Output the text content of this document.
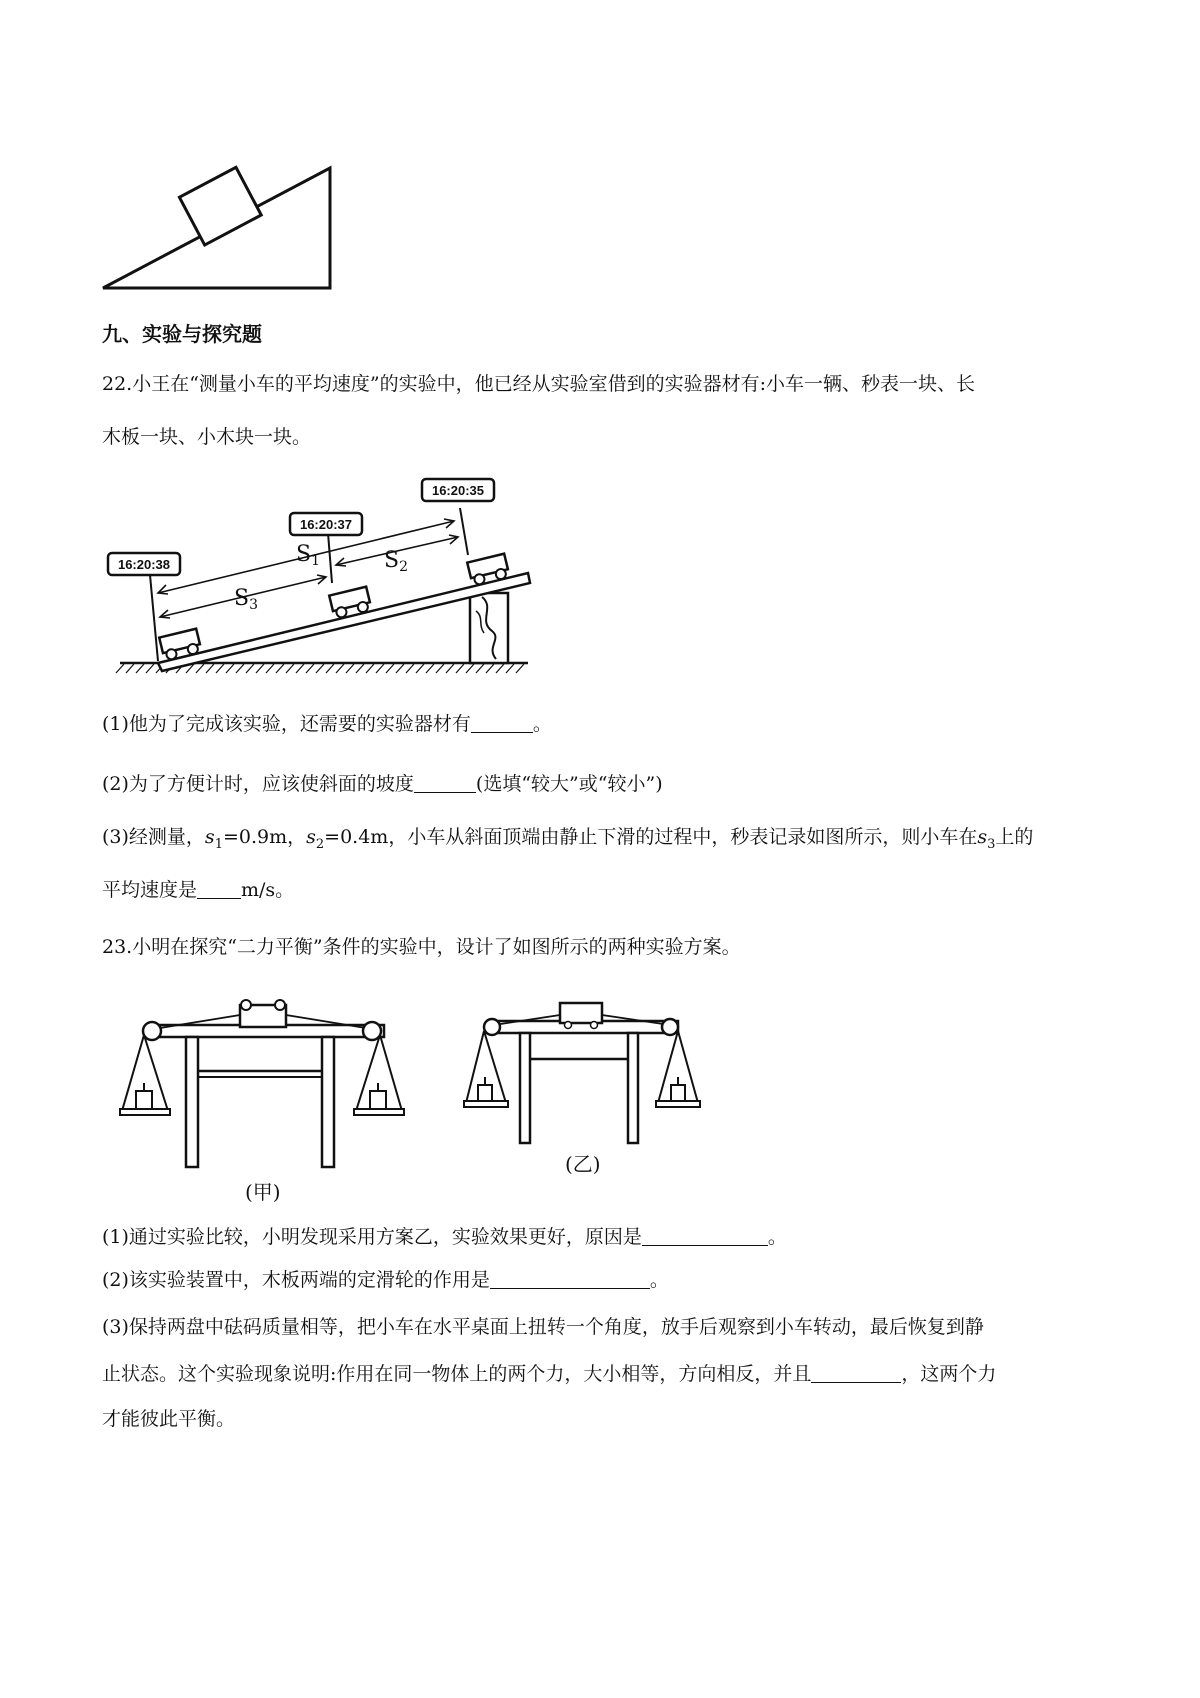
九、实验与探究题
22.小王在“测量小车的平均速度”的实验中，他已经从实验室借到的实验器材有:小车一辆、秒表一块、长
木板一块、小木块一块。
S1	S2
S3
16:20:38
16:20:37
16:20:35
(1)他为了完成该实验，还需要的实验器材有	。
(2)为了方便计时，应该使斜面的坡度	(选填“较大”或“较小”)
(3)经测量，$s_1=0.9m$，$s_2=0.4m$，小车从斜面顶端由静止下滑的过程中，秒表记录如图所示，则小车在$s_3$上的
平均速度是 m/s。
23.小明在探究“二力平衡”条件的实验中，设计了如图所示的两种实验方案。
(甲)
(乙)
(1)通过实验比较，小明发现采用方案乙，实验效果更好，原因是	。
(2)该实验装置中，木板两端的定滑轮的作用是	。
(3)保持两盘中砝码质量相等，把小车在水平桌面上扭转一个角度，放手后观察到小车转动，最后恢复到静
止状态。这个实验现象说明:作用在同一物体上的两个力，大小相等，方向相反，并且	，这两个力
才能彼此平衡。
